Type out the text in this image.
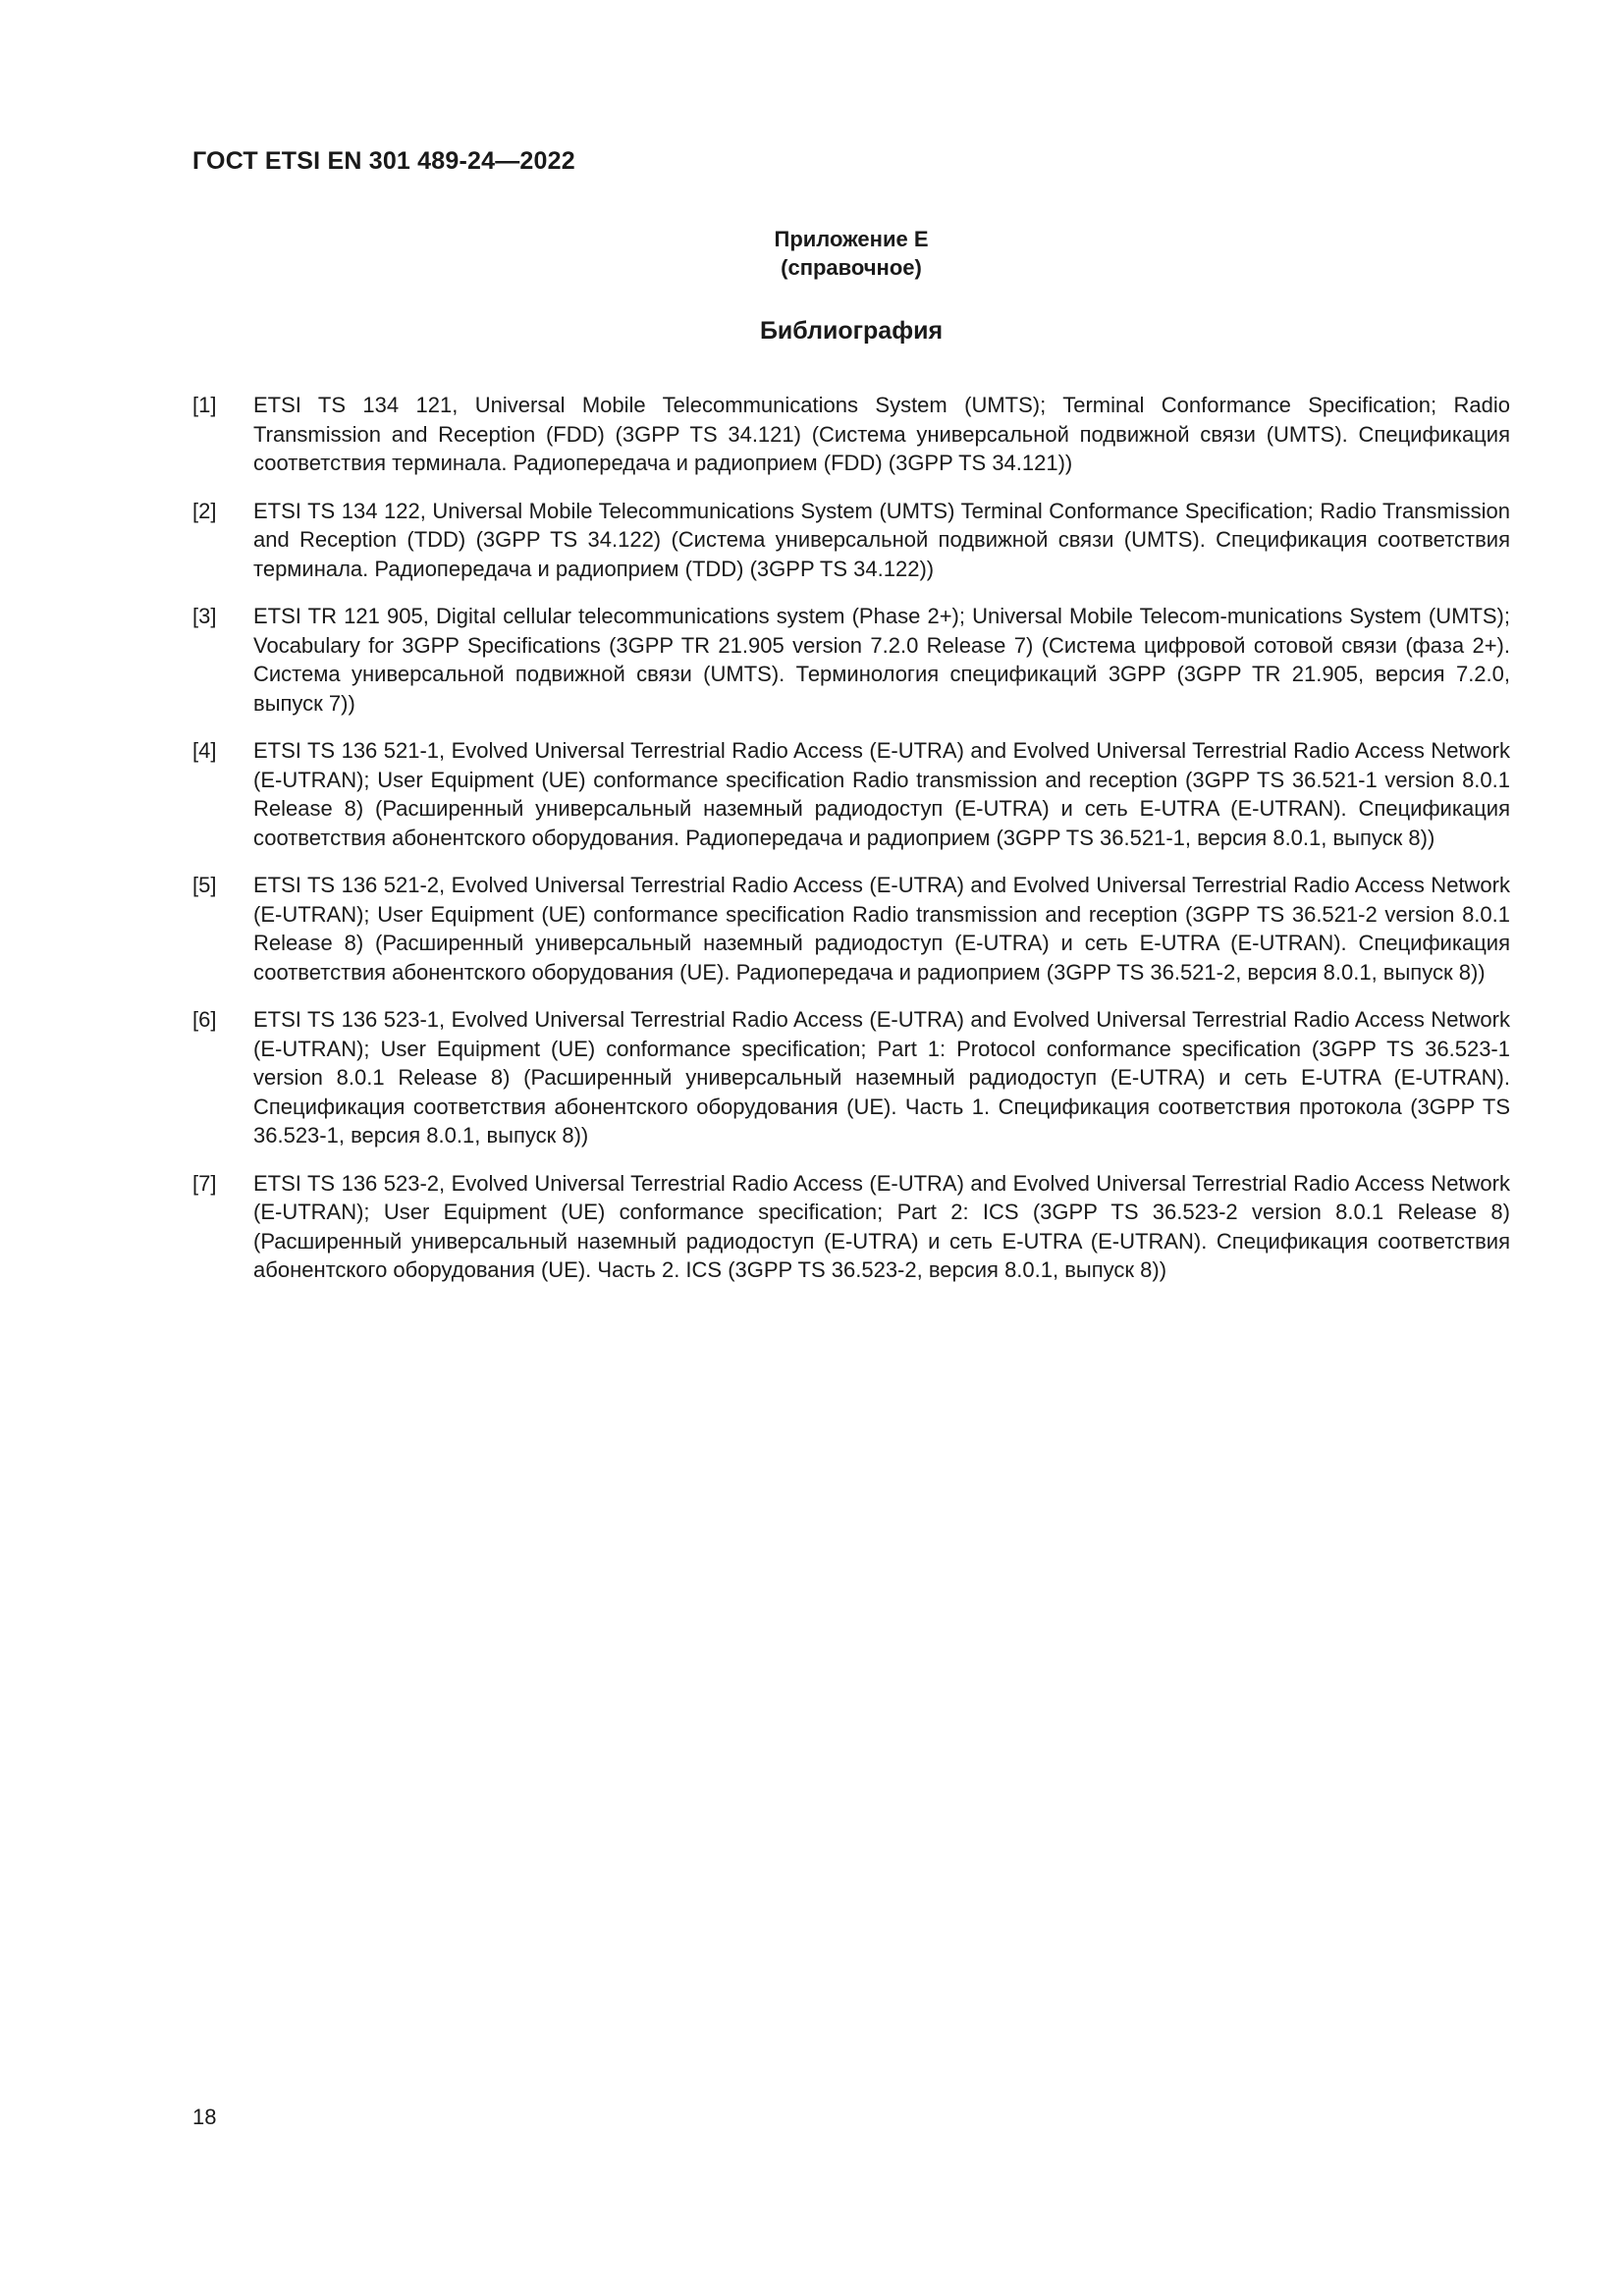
ГОСТ ETSI EN 301 489-24—2022
Приложение Е
(справочное)
Библиография
[1] ETSI TS 134 121, Universal Mobile Telecommunications System (UMTS); Terminal Conformance Specification; Radio Transmission and Reception (FDD) (3GPP TS 34.121) (Система универсальной подвижной связи (UMTS). Спецификация соответствия терминала. Радиопередача и радиоприем (FDD) (3GPP TS 34.121))
[2] ETSI TS 134 122, Universal Mobile Telecommunications System (UMTS) Terminal Conformance Specification; Radio Transmission and Reception (TDD) (3GPP TS 34.122) (Система универсальной подвижной связи (UMTS). Спецификация соответствия терминала. Радиопередача и радиоприем (TDD) (3GPP TS 34.122))
[3] ETSI TR 121 905, Digital cellular telecommunications system (Phase 2+); Universal Mobile Telecom-munications System (UMTS); Vocabulary for 3GPP Specifications (3GPP TR 21.905 version 7.2.0 Release 7) (Система цифровой сотовой связи (фаза 2+). Система универсальной подвижной связи (UMTS). Терминология спецификаций 3GPP (3GPP TR 21.905, версия 7.2.0, выпуск 7))
[4] ETSI TS 136 521-1, Evolved Universal Terrestrial Radio Access (E-UTRA) and Evolved Universal Terrestrial Radio Access Network (E-UTRAN); User Equipment (UE) conformance specification Radio transmission and reception (3GPP TS 36.521-1 version 8.0.1 Release 8) (Расширенный универсальный наземный радиодоступ (E-UTRA) и сеть E-UTRA (E-UTRAN). Спецификация соответствия абонентского оборудования. Радиопередача и радиоприем (3GPP TS 36.521-1, версия 8.0.1, выпуск 8))
[5] ETSI TS 136 521-2, Evolved Universal Terrestrial Radio Access (E-UTRA) and Evolved Universal Terrestrial Radio Access Network (E-UTRAN); User Equipment (UE) conformance specification Radio transmission and reception (3GPP TS 36.521-2 version 8.0.1 Release 8) (Расширенный универсальный наземный радиодоступ (E-UTRA) и сеть E-UTRA (E-UTRAN). Спецификация соответствия абонентского оборудования (UE). Радиопередача и радиоприем (3GPP TS 36.521-2, версия 8.0.1, выпуск 8))
[6] ETSI TS 136 523-1, Evolved Universal Terrestrial Radio Access (E-UTRA) and Evolved Universal Terrestrial Radio Access Network (E-UTRAN); User Equipment (UE) conformance specification; Part 1: Protocol conformance specification (3GPP TS 36.523-1 version 8.0.1 Release 8) (Расширенный универсальный наземный радиодоступ (E-UTRA) и сеть E-UTRA (E-UTRAN). Спецификация соответствия абонентского оборудования (UE). Часть 1. Спецификация соответствия протокола (3GPP TS 36.523-1, версия 8.0.1, выпуск 8))
[7] ETSI TS 136 523-2, Evolved Universal Terrestrial Radio Access (E-UTRA) and Evolved Universal Terrestrial Radio Access Network (E-UTRAN); User Equipment (UE) conformance specification; Part 2: ICS (3GPP TS 36.523-2 version 8.0.1 Release 8) (Расширенный универсальный наземный радиодоступ (E-UTRA) и сеть E-UTRA (E-UTRAN). Спецификация соответствия абонентского оборудования (UE). Часть 2. ICS (3GPP TS 36.523-2, версия 8.0.1, выпуск 8))
18
